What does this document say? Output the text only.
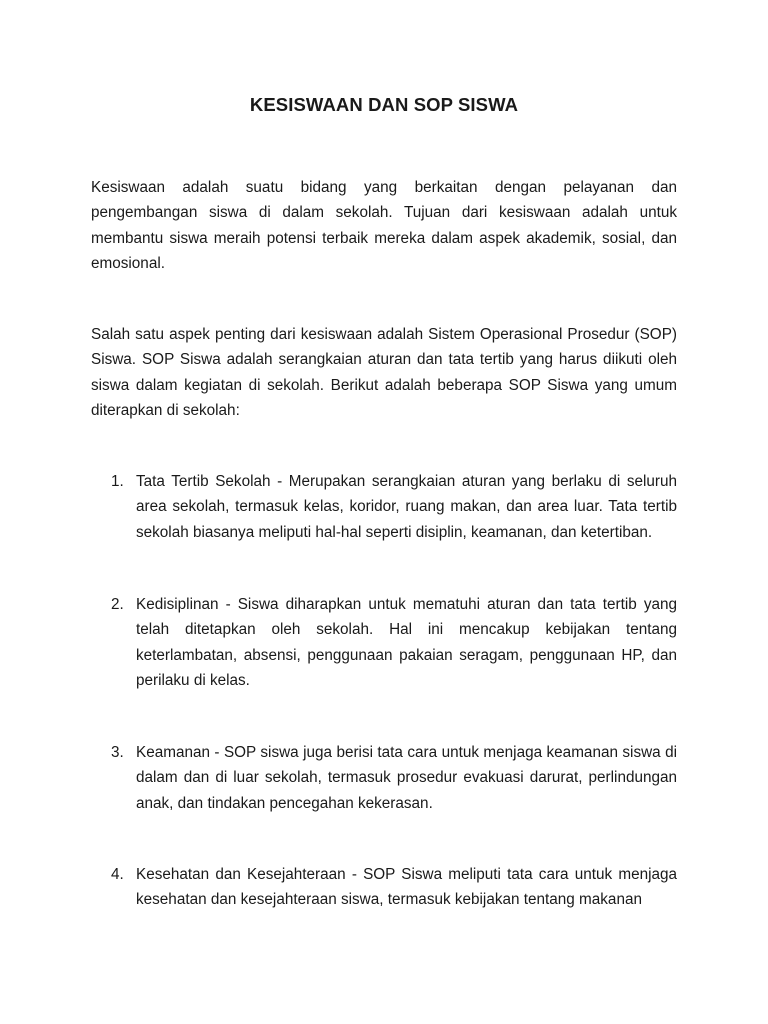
KESISWAAN DAN SOP SISWA

Kesiswaan adalah suatu bidang yang berkaitan dengan pelayanan dan pengembangan siswa di dalam sekolah. Tujuan dari kesiswaan adalah untuk membantu siswa meraih potensi terbaik mereka dalam aspek akademik, sosial, dan emosional.

Salah satu aspek penting dari kesiswaan adalah Sistem Operasional Prosedur (SOP) Siswa. SOP Siswa adalah serangkaian aturan dan tata tertib yang harus diikuti oleh siswa dalam kegiatan di sekolah. Berikut adalah beberapa SOP Siswa yang umum diterapkan di sekolah:

1. Tata Tertib Sekolah - Merupakan serangkaian aturan yang berlaku di seluruh area sekolah, termasuk kelas, koridor, ruang makan, dan area luar. Tata tertib sekolah biasanya meliputi hal-hal seperti disiplin, keamanan, dan ketertiban.

2. Kedisiplinan - Siswa diharapkan untuk mematuhi aturan dan tata tertib yang telah ditetapkan oleh sekolah. Hal ini mencakup kebijakan tentang keterlambatan, absensi, penggunaan pakaian seragam, penggunaan HP, dan perilaku di kelas.

3. Keamanan - SOP siswa juga berisi tata cara untuk menjaga keamanan siswa di dalam dan di luar sekolah, termasuk prosedur evakuasi darurat, perlindungan anak, dan tindakan pencegahan kekerasan.

4. Kesehatan dan Kesejahteraan - SOP Siswa meliputi tata cara untuk menjaga kesehatan dan kesejahteraan siswa, termasuk kebijakan tentang makanan
